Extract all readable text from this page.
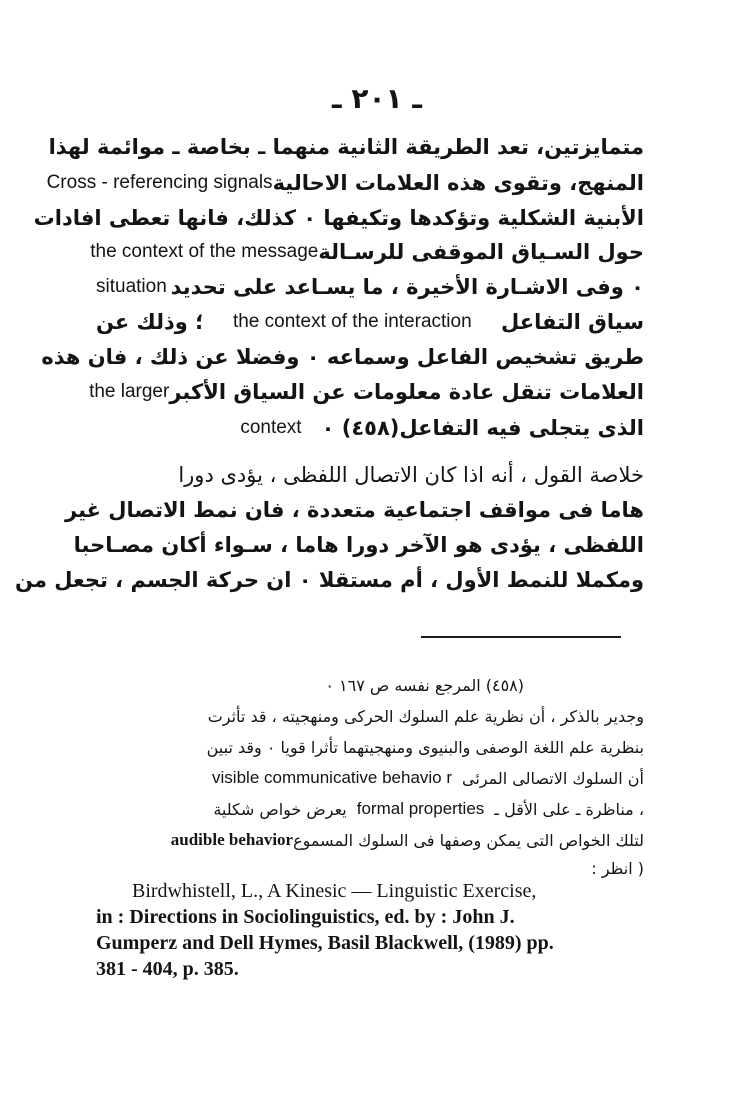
ـ ٢٠١ ـ
متمايزتين، تعد الطريقة الثانية منهما ـ بخاصة ـ موائمة لهذا
المنهج، وتقوى هذه العلامات الاحالية
Cross - referencing signals
الأبنية الشكلية وتؤكدها وتكيفها ٠ كذلك، فانها تعطى افادات
حول السـياق الموقفى للرسـالة
the context of the message
٠ وفى الاشـارة الأخيرة ، ما يسـاعد على تحديد
situation
سياق التفاعل
the context of the interaction
؛ وذلك عن
طريق تشخيص الفاعل وسماعه ٠ وفضلا عن ذلك ، فان هذه
العلامات تنقل عادة معلومات عن السياق الأكبر
the larger
الذى يتجلى فيه التفاعل(٤٥٨) ٠
context
خلاصة القول ، أنه اذا كان الاتصال اللفظى ، يؤدى دورا
هاما فى مواقف اجتماعية متعددة ، فان نمط الاتصال غير
اللفظى ، يؤدى هو الآخر دورا هاما ، سـواء أكان مصـاحبا
ومكملا للنمط الأول ، أم مستقلا ٠ ان حركة الجسم ، تجعل من
(٤٥٨) المرجع نفسه ص ١٦٧ ٠
وجدير بالذكر ، أن نظرية علم السلوك الحركى ومنهجيته ، قد تأثرت
بنظرية علم اللغة الوصفى والبنيوى ومنهجيتهما تأثرا قويا ٠ وقد تبين
أن السلوك الاتصالى المرئى
visible communicative behavio r
، مناظرة ـ على الأقل ـ
formal properties
يعرض خواص شكلية
لتلك الخواص التى يمكن وصفها فى السلوك المسموع
audible behavior
( انظر :
Birdwhistell, L., A Kinesic — Linguistic Exercise,
in : Directions in Sociolinguistics, ed. by : John J.
Gumperz and Dell Hymes, Basil Blackwell, (1989) pp.
381 - 404, p. 385.
